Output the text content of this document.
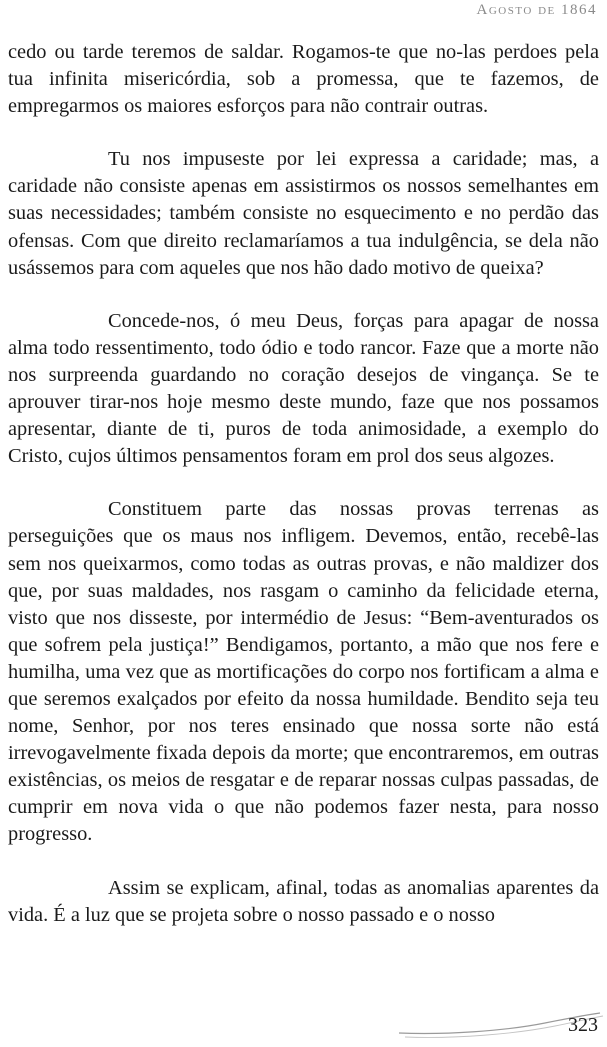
Agosto de 1864

cedo ou tarde teremos de saldar. Rogamos-te que no-las perdoes pela tua infinita misericórdia, sob a promessa, que te fazemos, de empregarmos os maiores esforços para não contrair outras.

Tu nos impuseste por lei expressa a caridade; mas, a caridade não consiste apenas em assistirmos os nossos semelhantes em suas necessidades; também consiste no esquecimento e no perdão das ofensas. Com que direito reclamaríamos a tua indulgência, se dela não usássemos para com aqueles que nos hão dado motivo de queixa?

Concede-nos, ó meu Deus, forças para apagar de nossa alma todo ressentimento, todo ódio e todo rancor. Faze que a morte não nos surpreenda guardando no coração desejos de vingança. Se te aprouver tirar-nos hoje mesmo deste mundo, faze que nos possamos apresentar, diante de ti, puros de toda animosidade, a exemplo do Cristo, cujos últimos pensamentos foram em prol dos seus algozes.

Constituem parte das nossas provas terrenas as perseguições que os maus nos infligem. Devemos, então, recebê-las sem nos queixarmos, como todas as outras provas, e não maldizer dos que, por suas maldades, nos rasgam o caminho da felicidade eterna, visto que nos disseste, por intermédio de Jesus: “Bem-aventurados os que sofrem pela justiça!” Bendigamos, portanto, a mão que nos fere e humilha, uma vez que as mortificações do corpo nos fortificam a alma e que seremos exalçados por efeito da nossa humildade. Bendito seja teu nome, Senhor, por nos teres ensinado que nossa sorte não está irrevogavelmente fixada depois da morte; que encontraremos, em outras existências, os meios de resgatar e de reparar nossas culpas passadas, de cumprir em nova vida o que não podemos fazer nesta, para nosso progresso.

Assim se explicam, afinal, todas as anomalias aparentes da vida. É a luz que se projeta sobre o nosso passado e o nosso

323
